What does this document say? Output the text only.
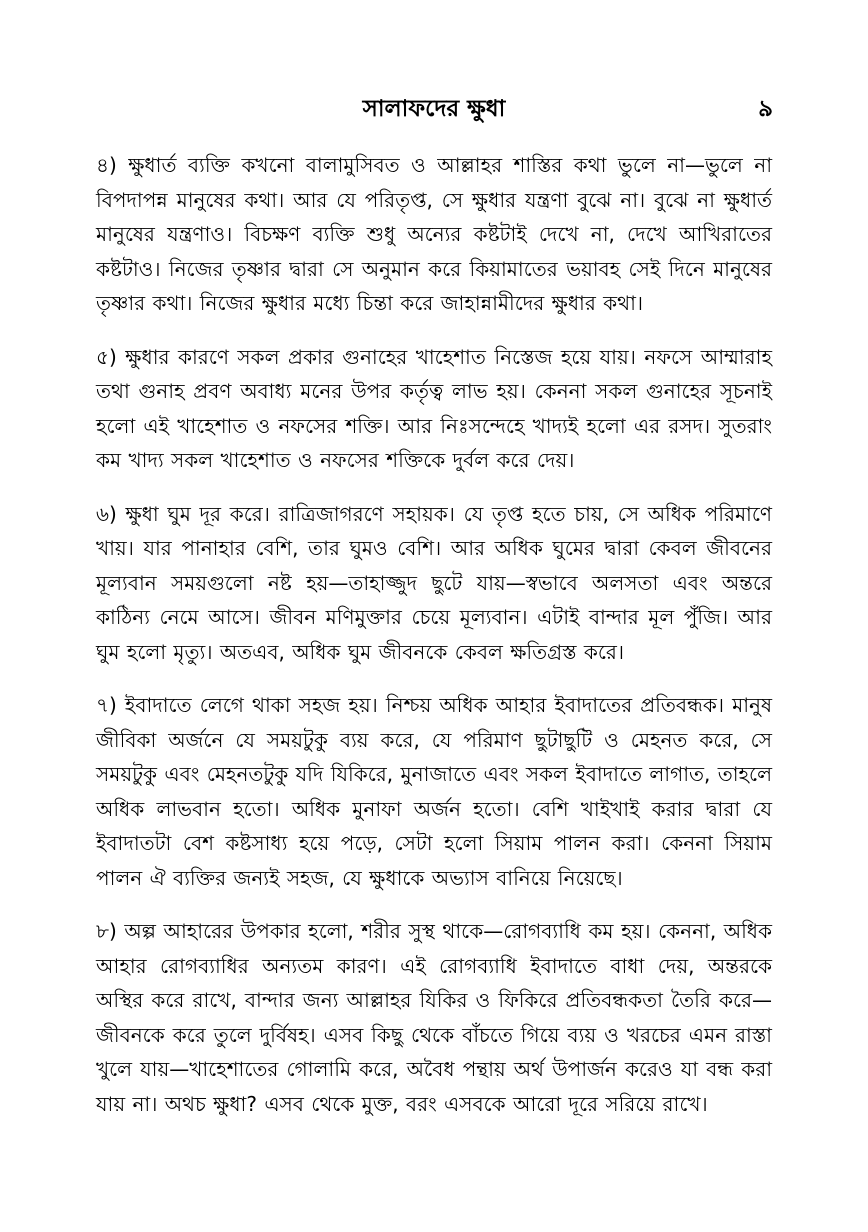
সালাফদের ক্ষুধা	৯

৪) ক্ষুধার্ত ব্যক্তি কখনো বালামুসিবত ও আল্লাহর শাস্তির কথা ভুলে না—ভুলে না বিপদাপন্ন মানুষের কথা। আর যে পরিতৃপ্ত, সে ক্ষুধার যন্ত্রণা বুঝে না। বুঝে না ক্ষুধার্ত মানুষের যন্ত্রণাও। বিচক্ষণ ব্যক্তি শুধু অন্যের কষ্টটাই দেখে না, দেখে আখিরাতের কষ্টটাও। নিজের তৃষ্ণার দ্বারা সে অনুমান করে কিয়ামাতের ভয়াবহ সেই দিনে মানুষের তৃষ্ণার কথা। নিজের ক্ষুধার মধ্যে চিন্তা করে জাহান্নামীদের ক্ষুধার কথা।

৫) ক্ষুধার কারণে সকল প্রকার গুনাহের খাহেশাত নিস্তেজ হয়ে যায়। নফসে আম্মারাহ তথা গুনাহ প্রবণ অবাধ্য মনের উপর কর্তৃত্ব লাভ হয়। কেননা সকল গুনাহের সূচনাই হলো এই খাহেশাত ও নফসের শক্তি। আর নিঃসন্দেহে খাদ্যই হলো এর রসদ। সুতরাং কম খাদ্য সকল খাহেশাত ও নফসের শক্তিকে দুর্বল করে দেয়।

৬) ক্ষুধা ঘুম দূর করে। রাত্রিজাগরণে সহায়ক। যে তৃপ্ত হতে চায়, সে অধিক পরিমাণে খায়। যার পানাহার বেশি, তার ঘুমও বেশি। আর অধিক ঘুমের দ্বারা কেবল জীবনের মূল্যবান সময়গুলো নষ্ট হয়—তাহাজ্জুদ ছুটে যায়—স্বভাবে অলসতা এবং অন্তরে কাঠিন্য নেমে আসে। জীবন মণিমুক্তার চেয়ে মূল্যবান। এটাই বান্দার মূল পুঁজি। আর ঘুম হলো মৃত্যু। অতএব, অধিক ঘুম জীবনকে কেবল ক্ষতিগ্রস্ত করে।

৭) ইবাদাতে লেগে থাকা সহজ হয়। নিশ্চয় অধিক আহার ইবাদাতের প্রতিবন্ধক। মানুষ জীবিকা অর্জনে যে সময়টুকু ব্যয় করে, যে পরিমাণ ছুটাছুটি ও মেহনত করে, সে সময়টুকু এবং মেহনতটুকু যদি যিকিরে, মুনাজাতে এবং সকল ইবাদাতে লাগাত, তাহলে অধিক লাভবান হতো। অধিক মুনাফা অর্জন হতো। বেশি খাইখাই করার দ্বারা যে ইবাদাতটা বেশ কষ্টসাধ্য হয়ে পড়ে, সেটা হলো সিয়াম পালন করা। কেননা সিয়াম পালন ঐ ব্যক্তির জন্যই সহজ, যে ক্ষুধাকে অভ্যাস বানিয়ে নিয়েছে।

৮) অল্প আহারের উপকার হলো, শরীর সুস্থ থাকে—রোগব্যাধি কম হয়। কেননা, অধিক আহার রোগব্যাধির অন্যতম কারণ। এই রোগব্যাধি ইবাদাতে বাধা দেয়, অন্তরকে অস্থির করে রাখে, বান্দার জন্য আল্লাহর যিকির ও ফিকিরে প্রতিবন্ধকতা তৈরি করে—জীবনকে করে তুলে দুর্বিষহ। এসব কিছু থেকে বাঁচতে গিয়ে ব্যয় ও খরচের এমন রাস্তা খুলে যায়—খাহেশাতের গোলামি করে, অবৈধ পন্থায় অর্থ উপার্জন করেও যা বন্ধ করা যায় না। অথচ ক্ষুধা? এসব থেকে মুক্ত, বরং এসবকে আরো দূরে সরিয়ে রাখে।
